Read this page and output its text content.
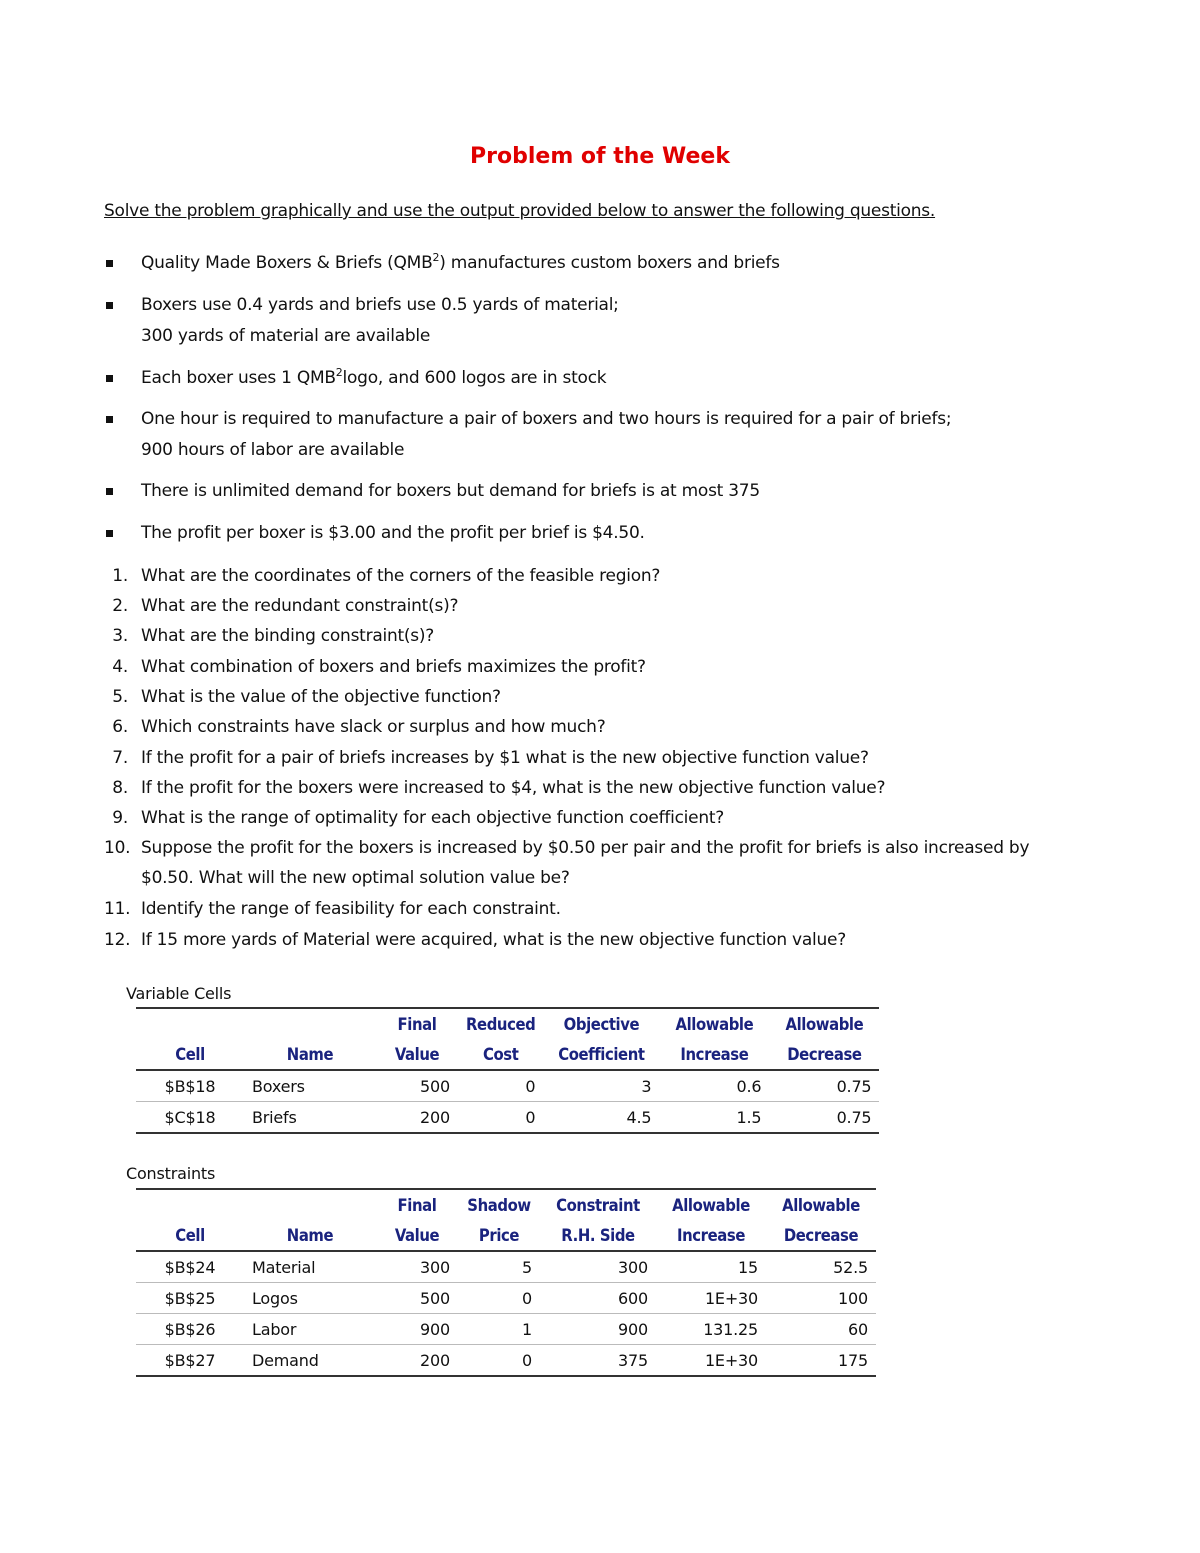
Problem of the Week
Solve the problem graphically and use the output provided below to answer the following questions.
Quality Made Boxers & Briefs (QMB$^2$) manufactures custom boxers and briefs
Boxers use 0.4 yards and briefs use 0.5 yards of material;
300 yards of material are available
Each boxer uses 1 QMB$^2$logo, and 600 logos are in stock
One hour is required to manufacture a pair of boxers and two hours is required for a pair of briefs;
900 hours of labor are available
There is unlimited demand for boxers but demand for briefs is at most 375
The profit per boxer is $3.00 and the profit per brief is $4.50.
1. What are the coordinates of the corners of the feasible region?
2. What are the redundant constraint(s)?
3. What are the binding constraint(s)?
4. What combination of boxers and briefs maximizes the profit?
5. What is the value of the objective function?
6. Which constraints have slack or surplus and how much?
7. If the profit for a pair of briefs increases by $1 what is the new objective function value?
8. If the profit for the boxers were increased to $4, what is the new objective function value?
9. What is the range of optimality for each objective function coefficient?
10. Suppose the profit for the boxers is increased by $0.50 per pair and the profit for briefs is also increased by
$0.50. What will the new optimal solution value be?
11. Identify the range of feasibility for each constraint.
12. If 15 more yards of Material were acquired, what is the new objective function value?
Variable Cells
		Final	Reduced	Objective	Allowable	Allowable
Cell	Name	Value	Cost	Coefficient	Increase	Decrease
$B$18	Boxers	500	0	3	0.6	0.75
$C$18	Briefs	200	0	4.5	1.5	0.75
Constraints
		Final	Shadow	Constraint	Allowable	Allowable
Cell	Name	Value	Price	R.H. Side	Increase	Decrease
$B$24	Material	300	5	300	15	52.5
$B$25	Logos	500	0	600	1E+30	100
$B$26	Labor	900	1	900	131.25	60
$B$27	Demand	200	0	375	1E+30	175
